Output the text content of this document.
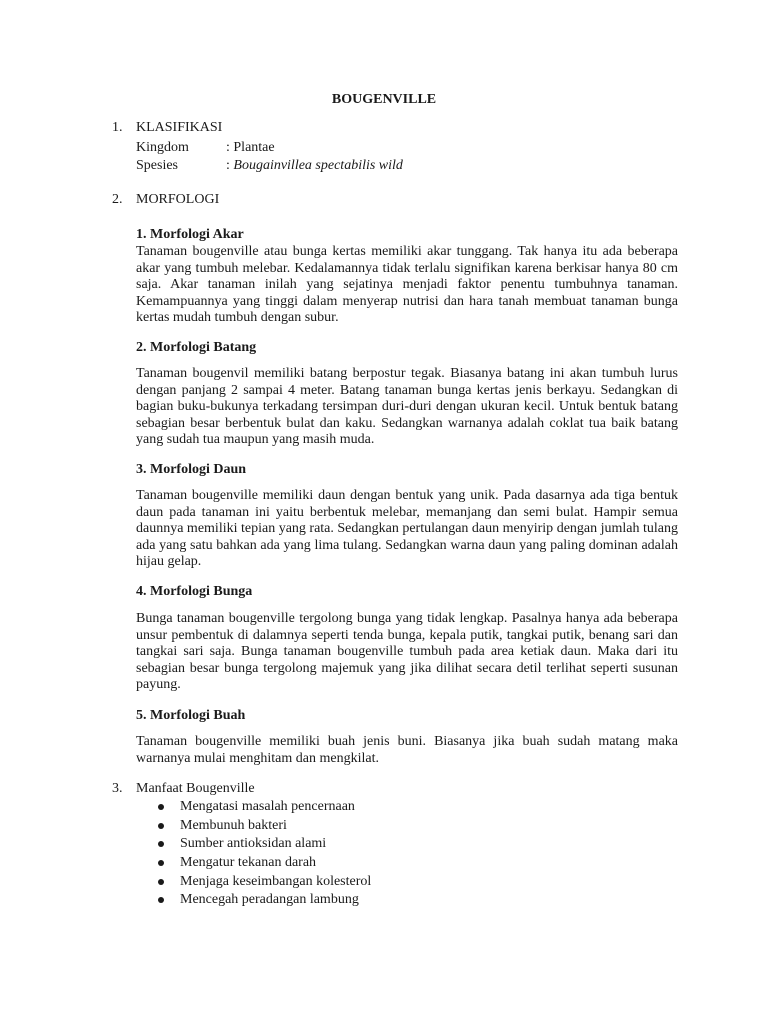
BOUGENVILLE
1. KLASIFIKASI
Kingdom	: Plantae
Spesies	: Bougainvillea spectabilis wild
2. MORFOLOGI
1. Morfologi Akar
Tanaman bougenville atau bunga kertas memiliki akar tunggang. Tak hanya itu ada beberapa akar yang tumbuh melebar. Kedalamannya tidak terlalu signifikan karena berkisar hanya 80 cm saja. Akar tanaman inilah yang sejatinya menjadi faktor penentu tumbuhnya tanaman. Kemampuannya yang tinggi dalam menyerap nutrisi dan hara tanah membuat tanaman bunga kertas mudah tumbuh dengan subur.
2. Morfologi Batang
Tanaman bougenvil memiliki batang berpostur tegak. Biasanya batang ini akan tumbuh lurus dengan panjang 2 sampai 4 meter. Batang tanaman bunga kertas jenis berkayu. Sedangkan di bagian buku-bukunya terkadang tersimpan duri-duri dengan ukuran kecil. Untuk bentuk batang sebagian besar berbentuk bulat dan kaku. Sedangkan warnanya adalah coklat tua baik batang yang sudah tua maupun yang masih muda.
3. Morfologi Daun
Tanaman bougenville memiliki daun dengan bentuk yang unik. Pada dasarnya ada tiga bentuk daun pada tanaman ini yaitu berbentuk melebar, memanjang dan semi bulat. Hampir semua daunnya memiliki tepian yang rata. Sedangkan pertulangan daun menyirip dengan jumlah tulang ada yang satu bahkan ada yang lima tulang. Sedangkan warna daun yang paling dominan adalah hijau gelap.
4. Morfologi Bunga
Bunga tanaman bougenville tergolong bunga yang tidak lengkap. Pasalnya hanya ada beberapa unsur pembentuk di dalamnya seperti tenda bunga, kepala putik, tangkai putik, benang sari dan tangkai sari saja. Bunga tanaman bougenville tumbuh pada area ketiak daun. Maka dari itu sebagian besar bunga tergolong majemuk yang jika dilihat secara detil terlihat seperti susunan payung.
5. Morfologi Buah
Tanaman bougenville memiliki buah jenis buni. Biasanya jika buah sudah matang maka warnanya mulai menghitam dan mengkilat.
3. Manfaat Bougenville
Mengatasi masalah pencernaan
Membunuh bakteri
Sumber antioksidan alami
Mengatur tekanan darah
Menjaga keseimbangan kolesterol
Mencegah peradangan lambung
